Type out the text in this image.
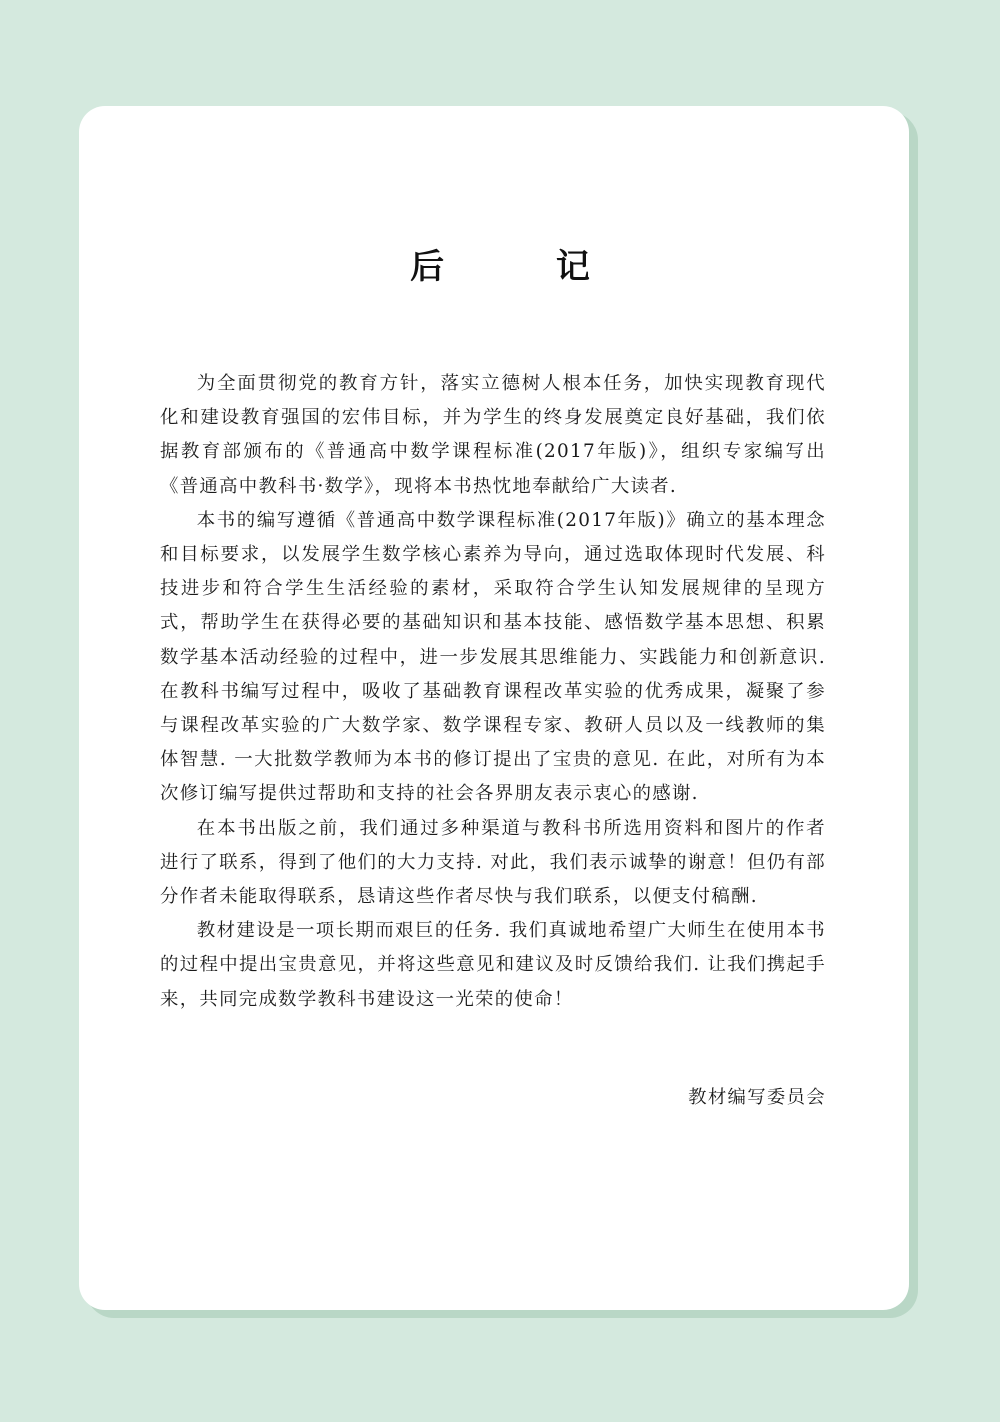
后 记

为全面贯彻党的教育方针，落实立德树人根本任务，加快实现教育现代化和建设教育强国的宏伟目标，并为学生的终身发展奠定良好基础，我们依据教育部颁布的《普通高中数学课程标准(2017年版)》，组织专家编写出《普通高中教科书·数学》，现将本书热忱地奉献给广大读者.

本书的编写遵循《普通高中数学课程标准(2017年版)》确立的基本理念和目标要求，以发展学生数学核心素养为导向，通过选取体现时代发展、科技进步和符合学生生活经验的素材，采取符合学生认知发展规律的呈现方式，帮助学生在获得必要的基础知识和基本技能、感悟数学基本思想、积累数学基本活动经验的过程中，进一步发展其思维能力、实践能力和创新意识. 在教科书编写过程中，吸收了基础教育课程改革实验的优秀成果，凝聚了参与课程改革实验的广大数学家、数学课程专家、教研人员以及一线教师的集体智慧. 一大批数学教师为本书的修订提出了宝贵的意见. 在此，对所有为本次修订编写提供过帮助和支持的社会各界朋友表示衷心的感谢.

在本书出版之前，我们通过多种渠道与教科书所选用资料和图片的作者进行了联系，得到了他们的大力支持. 对此，我们表示诚挚的谢意！但仍有部分作者未能取得联系，恳请这些作者尽快与我们联系，以便支付稿酬.

教材建设是一项长期而艰巨的任务. 我们真诚地希望广大师生在使用本书的过程中提出宝贵意见，并将这些意见和建议及时反馈给我们. 让我们携起手来，共同完成数学教科书建设这一光荣的使命！

教材编写委员会
